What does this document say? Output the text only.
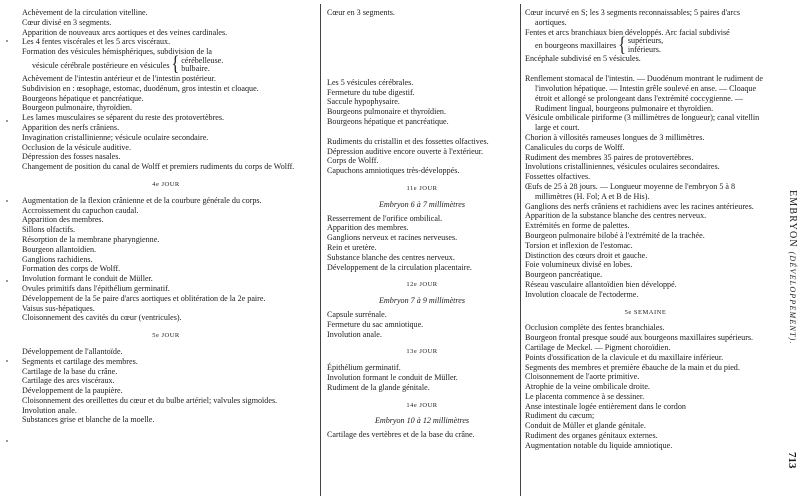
Achèvement de la circulation vitelline.
Cœur divisé en 3 segments.
Apparition de nouveaux arcs aortiques et des veines cardinales.
Les 4 fentes viscérales et les 5 arcs viscéraux.
Formation des vésicules hémisphériques, subdivision de la
vésicule cérébrale postérieure en vésicules { cérébelleuse.
bulbaire.
Achèvement de l'intestin antérieur et de l'intestin postérieur.
Subdivision en : œsophage, estomac, duodénum, gros intestin et cloaque.
Bourgeons hépatique et pancréatique.
Bourgeon pulmonaire, thyroïdien.
Les lames musculaires se séparent du reste des protovertèbres.
Apparition des nerfs crâniens.
Invagination cristallinienne; vésicule oculaire secondaire.
Occlusion de la vésicule auditive.
Dépression des fosses nasales.
Changement de position du canal de Wolff et premiers rudiments du corps de Wolff.
4e JOUR
Augmentation de la flexion crânienne et de la courbure générale du corps.
Accroissement du capuchon caudal.
Apparition des membres.
Sillons olfactifs.
Résorption de la membrane pharyngienne.
Bourgeon allantoïdien.
Ganglions rachidiens.
Formation des corps de Wolff.
Involution formant le conduit de Müller.
Ovules primitifs dans l'épithélium germinatif.
Développement de la 5e paire d'arcs aortiques et oblitération de la 2e paire.
Vaisus sus-hépatiques.
Cloisonnement des cavités du cœur (ventricules).
5e JOUR
Développement de l'allantoïde.
Segments et cartilage des membres.
Cartilage de la base du crâne.
Cartilage des arcs viscéraux.
Développement de la paupière.
Cloisonnement des oreillettes du cœur et du bulbe artériel; valvules sigmoïdes.
Involution anale.
Substances grise et blanche de la moelle.
Cœur en 3 segments.
Les 5 vésicules cérébrales.
Fermeture du tube digestif.
Saccule hypophysaire.
Bourgeons pulmonaire et thyroïdien.
Bourgeons hépatique et pancréatique.
Rudiments du cristallin et des fossettes olfactives.
Dépression auditive encore ouverte à l'extérieur.
Corps de Wolff.
Capuchons amniotiques très-développés.
11e JOUR
Embryon 6 à 7 millimètres
Resserrement de l'orifice ombilical.
Apparition des membres.
Ganglions nerveux et racines nerveuses.
Rein et uretère.
Substance blanche des centres nerveux.
Développement de la circulation placentaire.
12e JOUR
Embryon 7 à 9 millimètres
Capsule surrénale.
Fermeture du sac amniotique.
Involution anale.
13e JOUR
Épithélium germinatif.
Involution formant le conduit de Müller.
Rudiment de la glande génitale.
14e JOUR
Embryon 10 à 12 millimètres
Cartilage des vertèbres et de la base du crâne.
Cœur incurvé en S; les 3 segments reconnaissables; 5 paires d'arcs aortiques.
Fentes et arcs branchiaux bien développés. Arc facial subdivisé
en bourgeons maxillaires { supérieurs,
inférieurs.
Encéphale subdivisé en 5 vésicules.
Renflement stomacal de l'intestin. — Duodénum montrant le rudiment de l'involution hépatique. — Intestin grêle soulevé en anse. — Cloaque étroit et allongé se prolongeant dans l'extrémité coccygienne. — Rudiment lingual, bourgeons pulmonaire et thyroïdien.
Vésicule ombilicale piriforme (3 millimètres de longueur); canal vitellin large et court.
Chorion à villosités rameuses longues de 3 millimètres.
Canalicules du corps de Wolff.
Rudiment des membres 35 paires de protovertèbres.
Involutions cristalliniennes, vésicules oculaires secondaires.
Fossettes olfactives.
Œufs de 25 à 28 jours. — Longueur moyenne de l'embryon 5 à 8 millimètres (H. Fol; A et B de His).
Ganglions des nerfs crâniens et rachidiens avec les racines antérieures.
Apparition de la substance blanche des centres nerveux.
Extrémités en forme de palettes.
Bourgeon pulmonaire bilobé à l'extrémité de la trachée.
Torsion et inflexion de l'estomac.
Distinction des cœurs droit et gauche.
Foie volumineux divisé en lobes.
Bourgeon pancréatique.
Réseau vasculaire allantoïdien bien développé.
Involution cloacale de l'ectoderme.
5e SEMAINE
Occlusion complète des fentes branchiales.
Bourgeon frontal presque soudé aux bourgeons maxillaires supérieurs.
Cartilage de Meckel. — Pigment choroïdien.
Points d'ossification de la clavicule et du maxillaire inférieur.
Segments des membres et première ébauche de la main et du pied.
Cloisonnement de l'aorte primitive.
Atrophie de la veine ombilicale droite.
Le placenta commence à se dessiner.
Anse intestinale logée entièrement dans le cordon
Rudiment du cæcum;
Conduit de Müller et glande génitale.
Rudiment des organes génitaux externes.
Augmentation notable du liquide amniotique.
EMBRYON (DÉVELOPPEMENT).
713
